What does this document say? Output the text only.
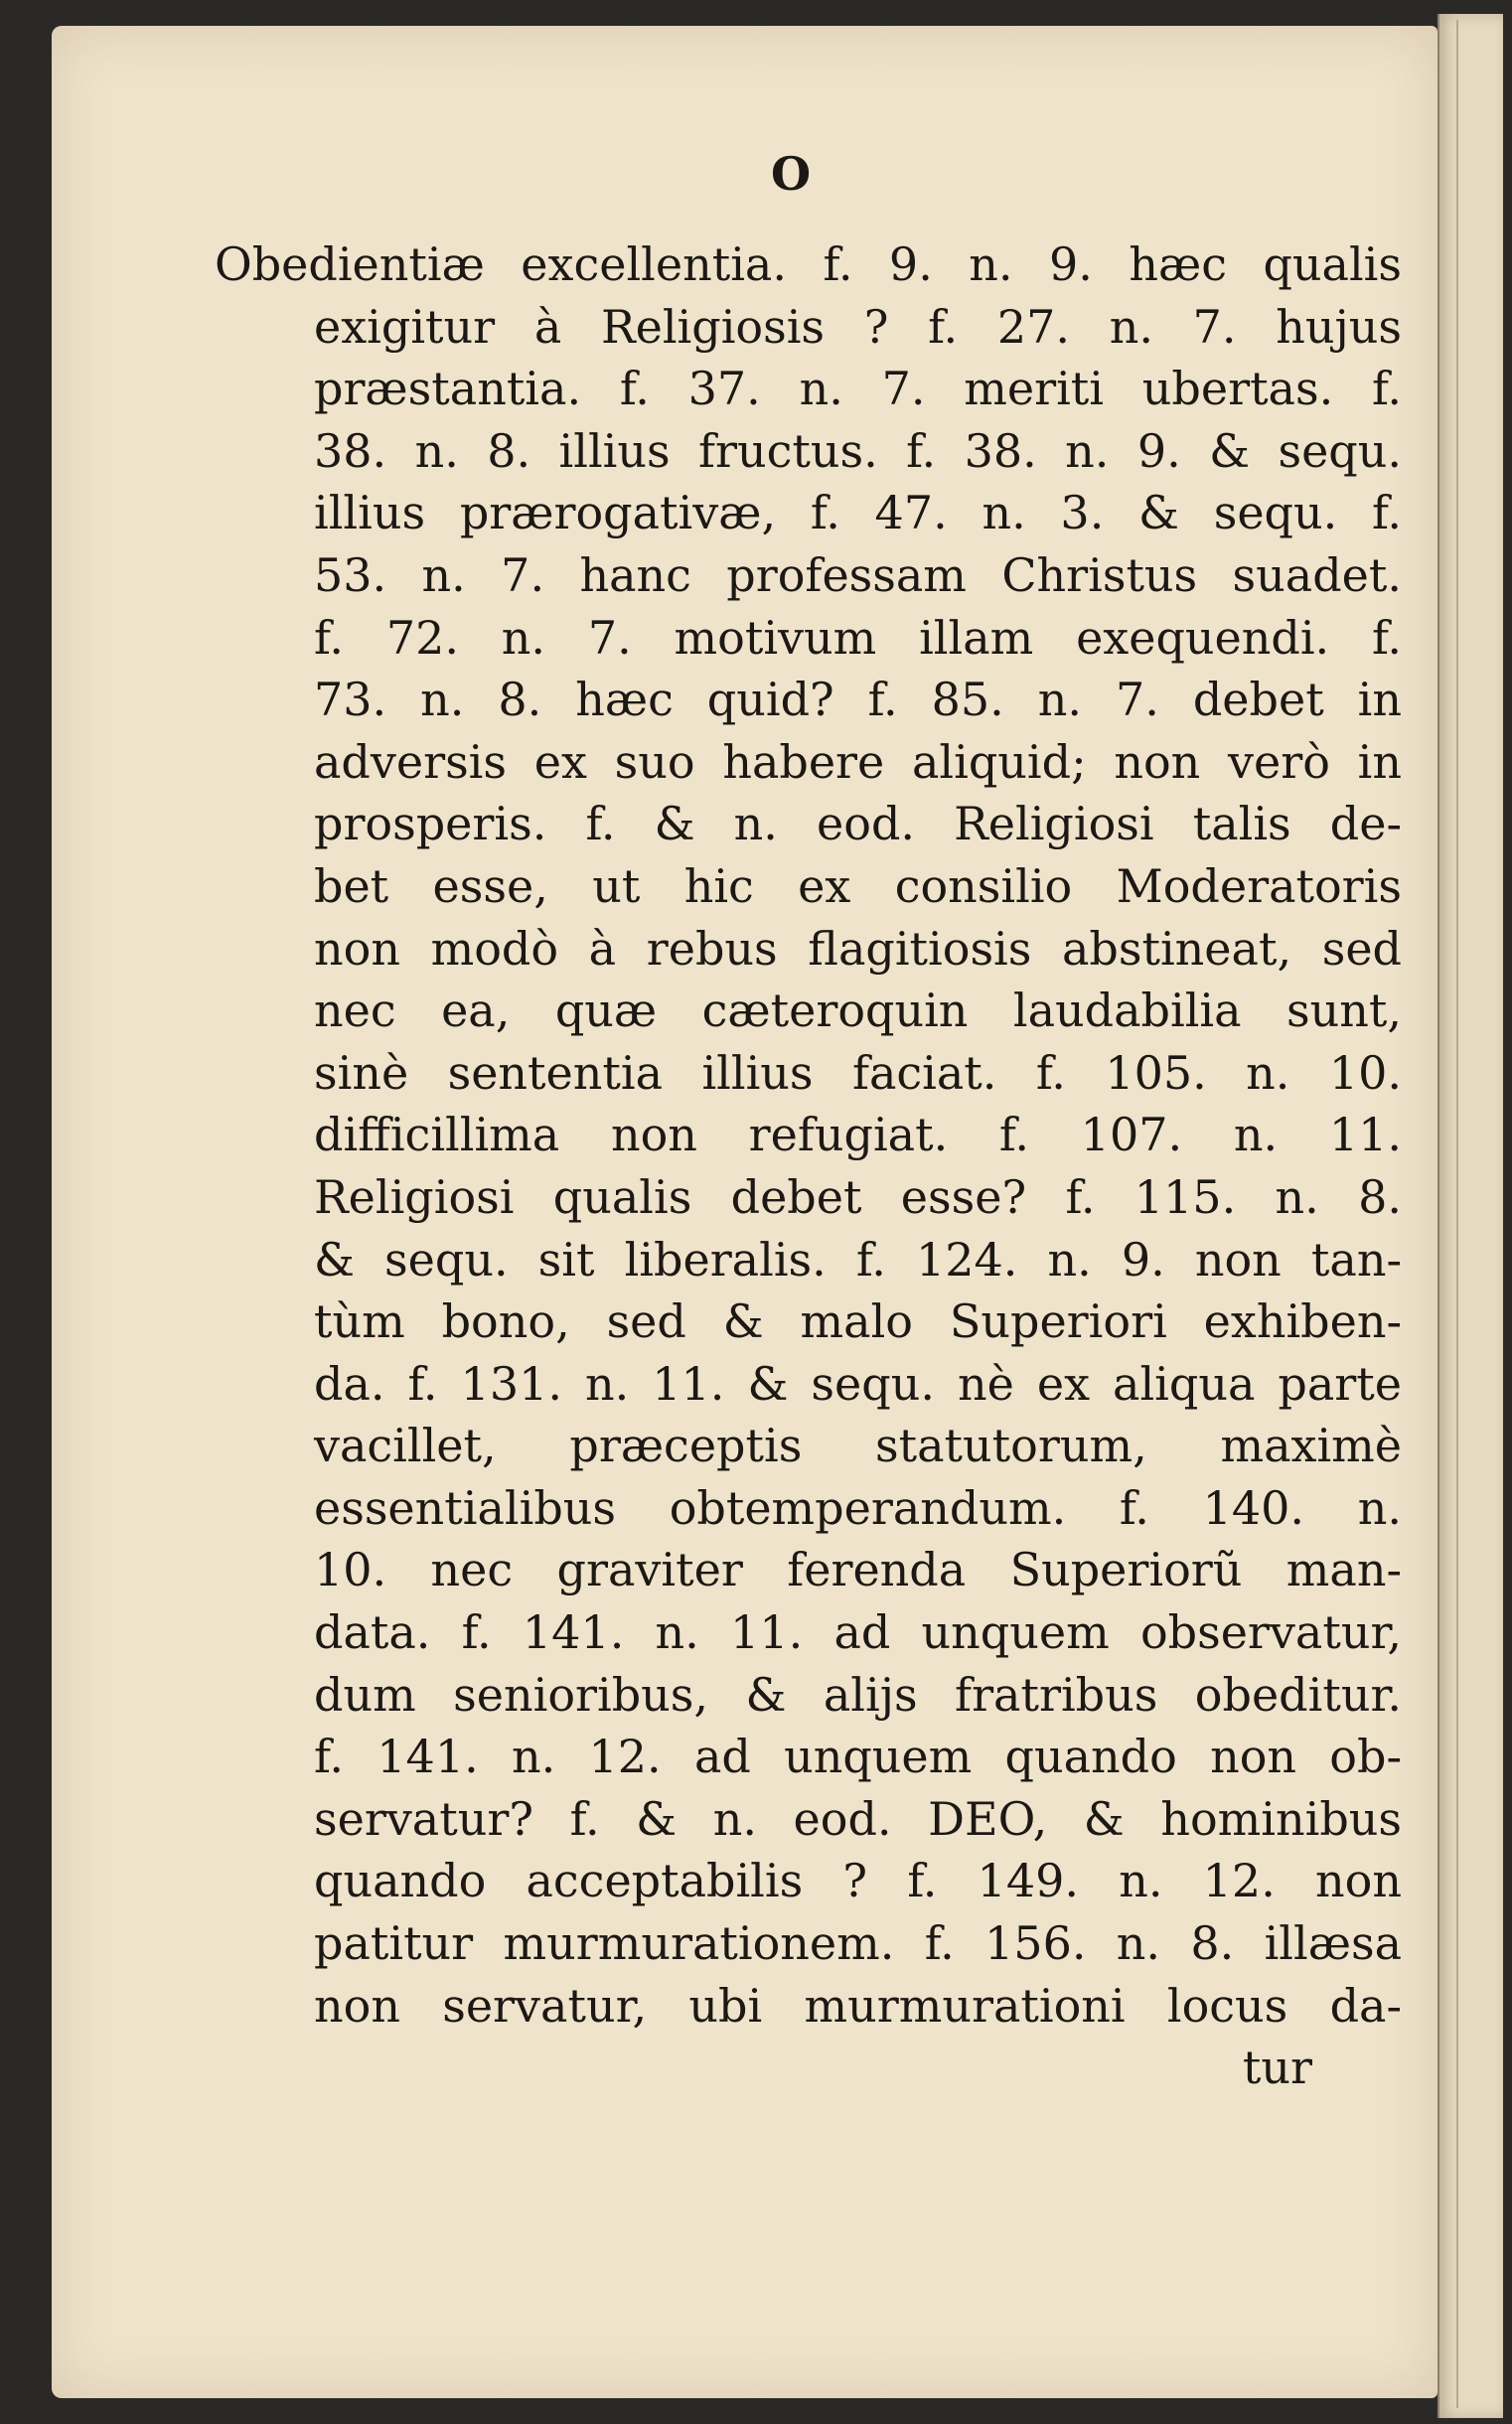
O

Obedientiæ excellentia. f. 9. n. 9. hæc qualis
exigitur à Religiosis ? f. 27. n. 7. hujus
præstantia. f. 37. n. 7. meriti ubertas. f.
38. n. 8. illius fructus. f. 38. n. 9. & sequ.
illius prærogativæ, f. 47. n. 3. & sequ. f.
53. n. 7. hanc professam Christus suadet.
f. 72. n. 7. motivum illam exequendi. f.
73. n. 8. hæc quid? f. 85. n. 7. debet in
adversis ex suo habere aliquid; non verò in
prosperis. f. & n. eod. Religiosi talis de-
bet esse, ut hic ex consilio Moderatoris
non modò à rebus flagitiosis abstineat, sed
nec ea, quæ cæteroquin laudabilia sunt,
sinè sententia illius faciat. f. 105. n. 10.
difficillima non refugiat. f. 107. n. 11.
Religiosi qualis debet esse? f. 115. n. 8.
& sequ. sit liberalis. f. 124. n. 9. non tan-
tùm bono, sed & malo Superiori exhiben-
da. f. 131. n. 11. & sequ. nè ex aliqua parte
vacillet, præceptis statutorum, maximè
essentialibus obtemperandum. f. 140. n.
10. nec graviter ferenda Superiorũ man-
data. f. 141. n. 11. ad unquem observatur,
dum senioribus, & alijs fratribus obeditur.
f. 141. n. 12. ad unquem quando non ob-
servatur? f. & n. eod. DEO, & hominibus
quando acceptabilis ? f. 149. n. 12. non
patitur murmurationem. f. 156. n. 8. illæsa
non servatur, ubi murmurationi locus da-
tur
